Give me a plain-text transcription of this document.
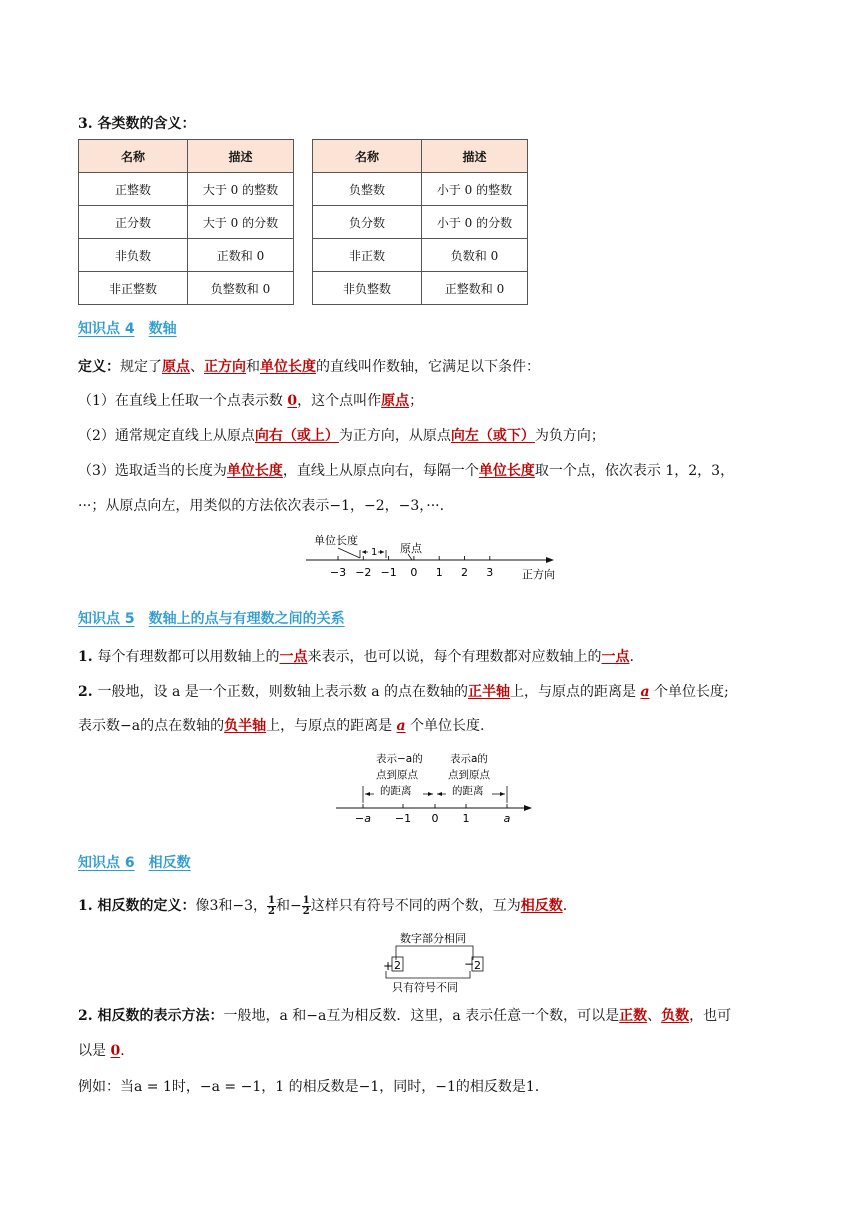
3. 各类数的含义：
名称	描述
正整数	大于 0 的整数
正分数	大于 0 的分数
非负数	正数和 0
非正整数	负整数和 0
名称	描述
负整数	小于 0 的整数
负分数	小于 0 的分数
非正数	负数和 0
非负整数	正整数和 0
知识点 4 数轴
定义：规定了原点、正方向和单位长度的直线叫作数轴，它满足以下条件：
（1）在直线上任取一个点表示数 0，这个点叫作原点；
（2）通常规定直线上从原点向右（或上）为正方向，从原点向左（或下）为负方向；
（3）选取适当的长度为单位长度，直线上从原点向右，每隔一个单位长度取一个点，依次表示 1，2，3，
···；从原点向左，用类似的方法依次表示−1，−2，−3，···.
单位长度
1 原点
−3 −2 −1 0 1 2 3	正方向
知识点 5 数轴上的点与有理数之间的关系
1. 每个有理数都可以用数轴上的一点来表示，也可以说，每个有理数都对应数轴上的一点.
2. 一般地，设 a 是一个正数，则数轴上表示数 a 的点在数轴的正半轴上，与原点的距离是 a 个单位长度;
表示数−a的点在数轴的负半轴上，与原点的距离是 a 个单位长度.
表示−a的
点到原点
的距离
表示a的
点到原点
的距离
−a −1 0 1	a
知识点 6 相反数
1. 相反数的定义：像3和−3， $\frac{1}{2}$ 和− $\frac{1}{2}$ 这样只有符号不同的两个数，互为相反数.
数字部分相同
+ 2	− 2
只有符号不同
2. 相反数的表示方法：一般地，a 和−a互为相反数．这里，a 表示任意一个数，可以是正数、负数，也可
以是 0.
例如：当a = 1时，−a = −1，1 的相反数是−1，同时，−1的相反数是1.
